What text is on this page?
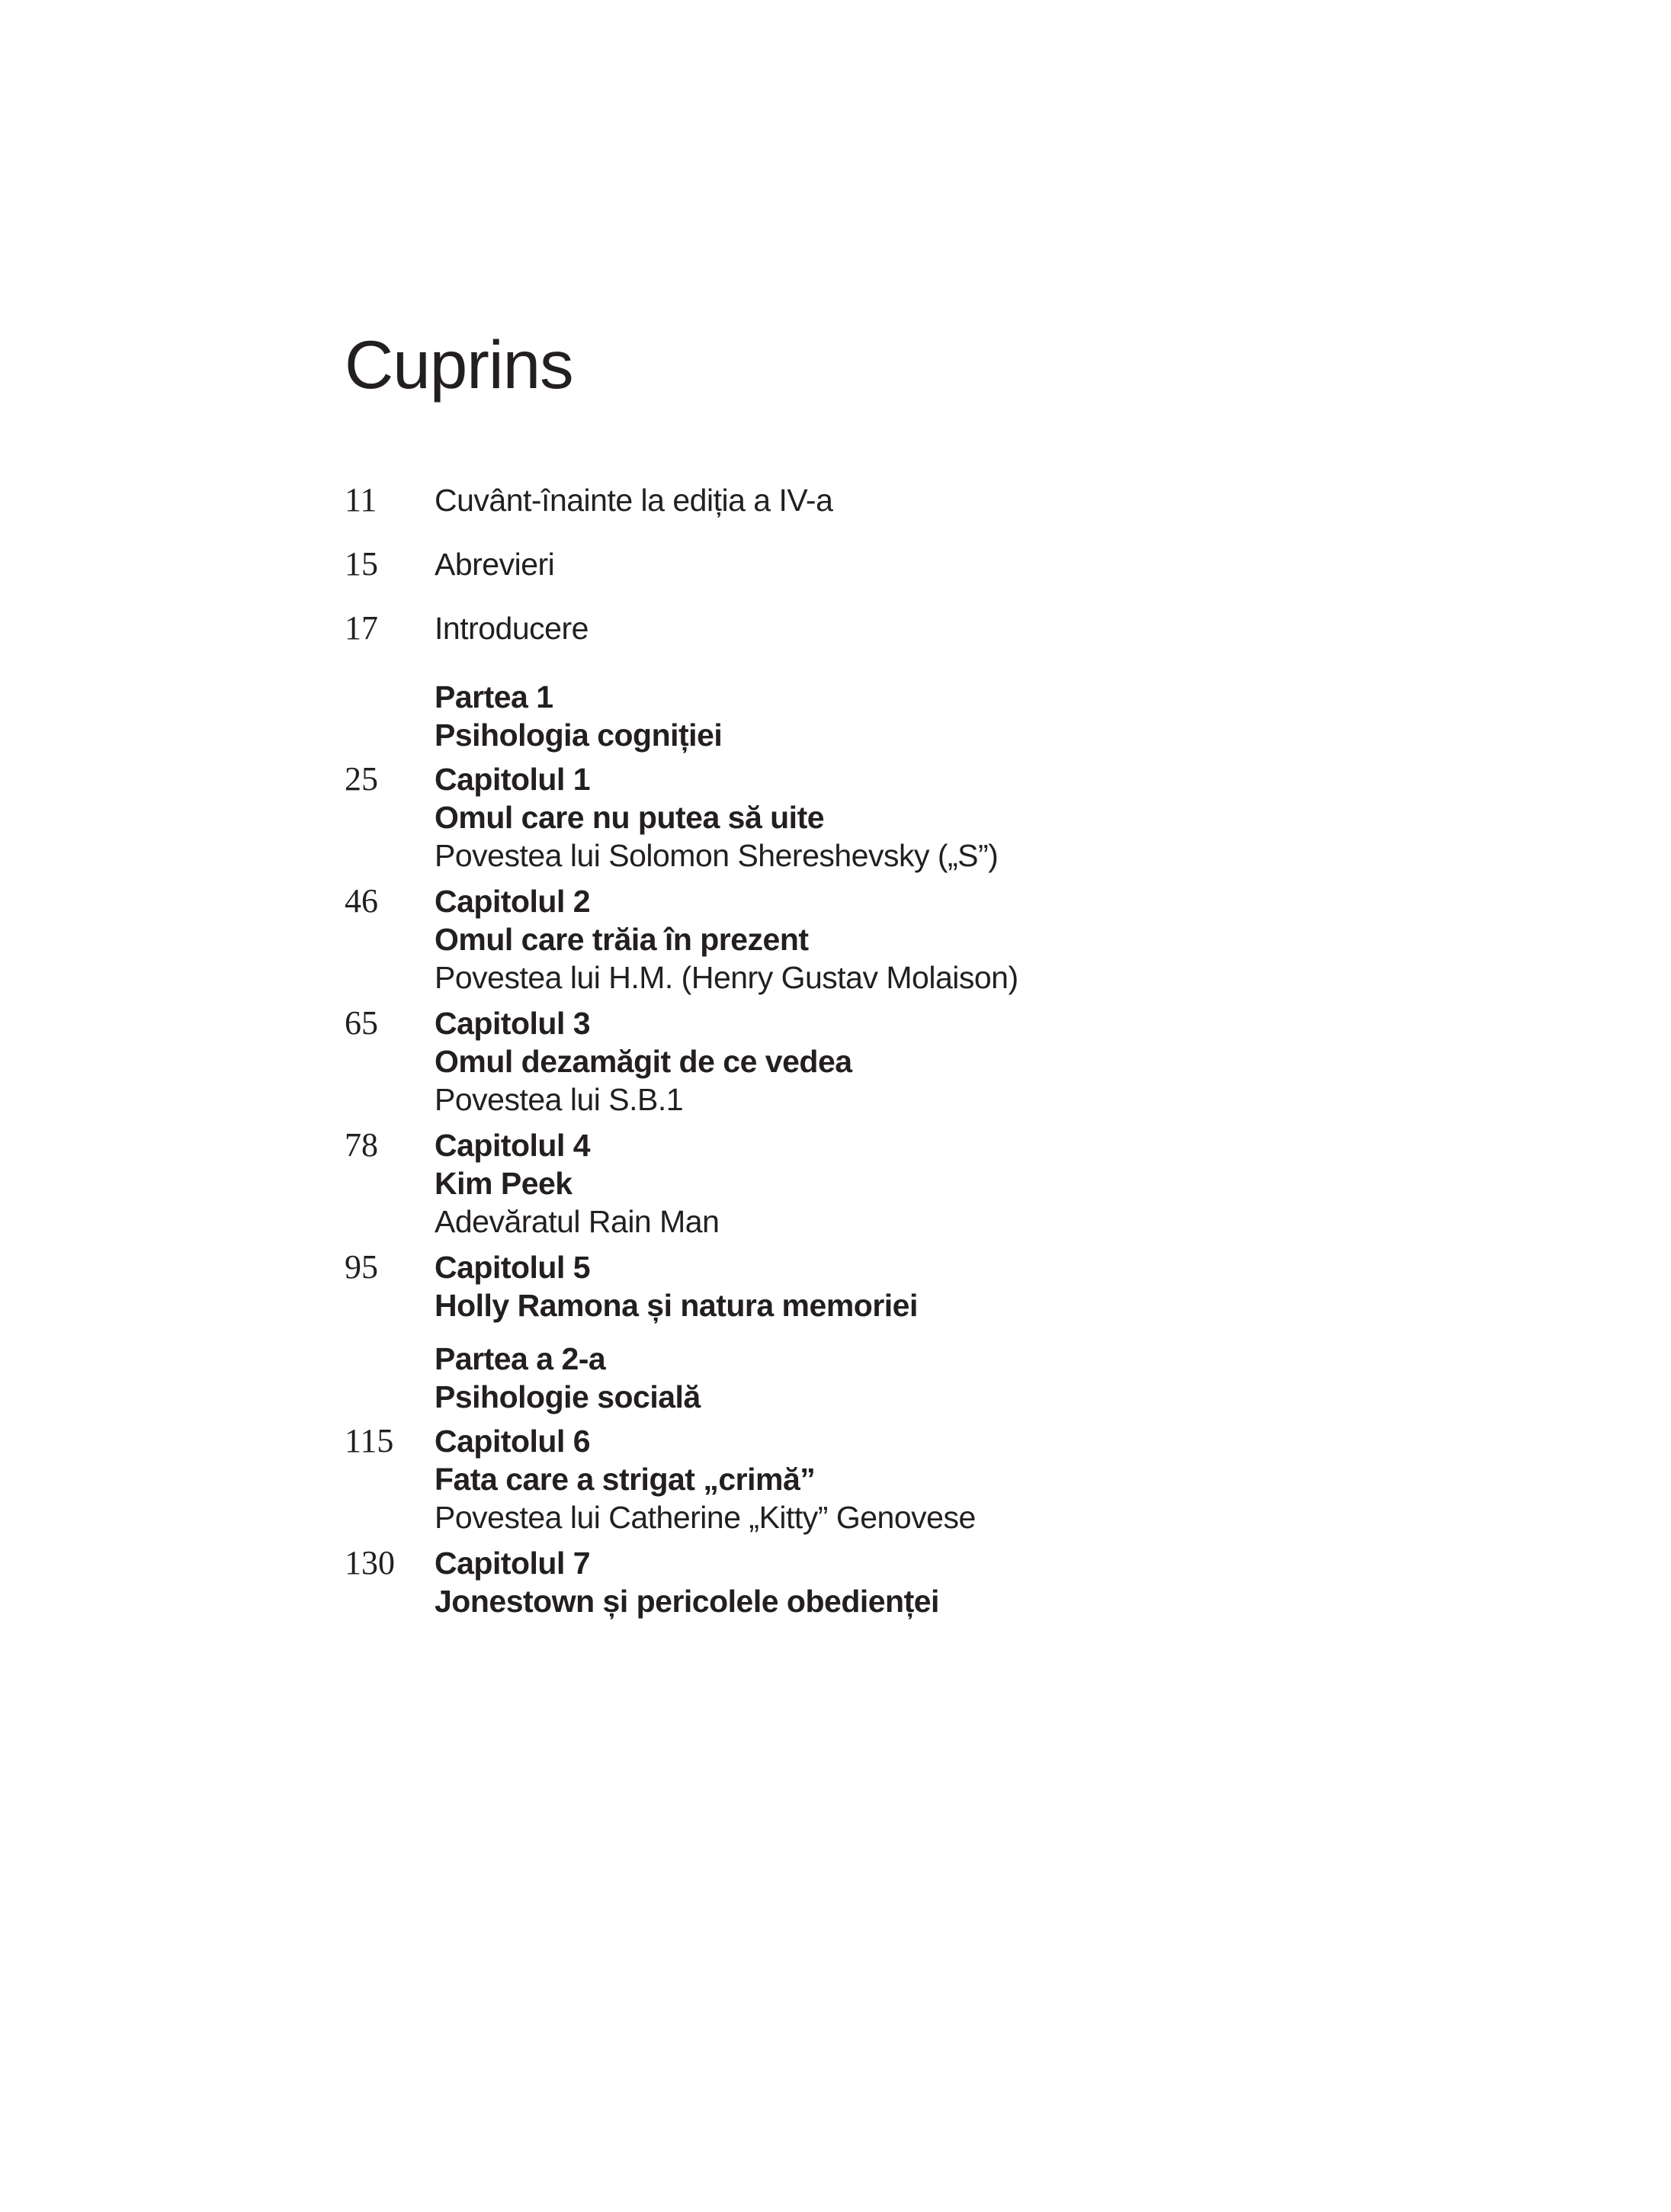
Cuprins
11	Cuvânt-înainte la ediția a IV-a
15	Abrevieri
17	Introducere
Partea 1
Psihologia cogniției
25	Capitolul 1
Omul care nu putea să uite
Povestea lui Solomon Shereshevsky („S”)
46	Capitolul 2
Omul care trăia în prezent
Povestea lui H.M. (Henry Gustav Molaison)
65	Capitolul 3
Omul dezamăgit de ce vedea
Povestea lui S.B.1
78	Capitolul 4
Kim Peek
Adevăratul Rain Man
95	Capitolul 5
Holly Ramona și natura memoriei
Partea a 2-a
Psihologie socială
115	Capitolul 6
Fata care a strigat „crimă”
Povestea lui Catherine „Kitty” Genovese
130	Capitolul 7
Jonestown și pericolele obedienței
